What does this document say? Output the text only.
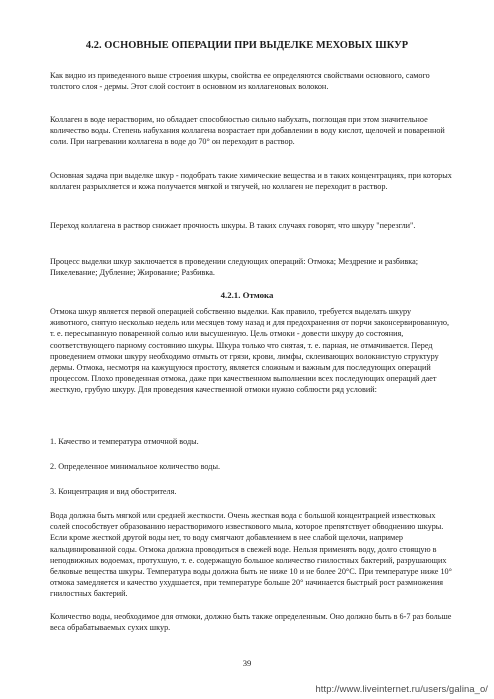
4.2. ОСНОВНЫЕ ОПЕРАЦИИ ПРИ ВЫДЕЛКЕ МЕХОВЫХ ШКУР

Как видно из приведенного выше строения шкуры, свойства ее определяются свойствами основного, самого толстого слоя - дермы. Этот слой состоит в основном из коллагеновых волокон.

Коллаген в воде нерастворим, но обладает способностью сильно набухать, поглощая при этом значительное количество воды. Степень набухания коллагена возрастает при добавлении в воду кислот, щелочей и поваренной соли. При нагревании коллагена в воде до 70° он переходит в раствор.

Основная задача при выделке шкур - подобрать такие химические вещества и в таких концентрациях, при которых коллаген разрыхляется и кожа получается мягкой и тягучей, но коллаген не переходит в раствор.

Переход коллагена в раствор снижает прочность шкуры. В таких случаях говорят, что шкуру "перезгли".

Процесс выделки шкур заключается в проведении следующих операций: Отмока; Мездрение и разбивка; Пикелевание; Дубление; Жирование; Разбивка.

4.2.1. Отмока

Отмока шкур является первой операцией собственно выделки. Как правило, требуется выделать шкуру животного, снятую несколько недель или месяцев тому назад и для предохранения от порчи законсервированную, т. е. пересыпанную поваренной солью или высушенную. Цель отмоки - довести шкуру до состояния, соответствующего парному состоянию шкуры. Шкура только что снятая, т. е. парная, не отмачивается. Перед проведением отмоки шкуру необходимо отмыть от грязи, крови, лимфы, склеивающих волокнистую структуру дермы. Отмока, несмотря на кажущуюся простоту, является сложным и важным для последующих операций процессом. Плохо проведенная отмока, даже при качественном выполнении всех последующих операций дает жесткую, грубую шкуру. Для проведения качественной отмоки нужно соблюсти ряд условий:

1. Качество и температура отмочной воды.

2. Определенное минимальное количество воды.

3. Концентрация и вид обострителя.

Вода должна быть мягкой или средней жесткости. Очень жесткая вода с большой концентрацией известковых солей способствует образованию нерастворимого известкового мыла, которое препятствует обводнению шкуры. Если кроме жесткой другой воды нет, то воду смягчают добавлением в нее слабой щелочи, например кальцинированной соды. Отмока должна проводиться в свежей воде. Нельзя применять воду, долго стоящую в неподвижных водоемах, протухшую, т. е. содержащую большое количество гнилостных бактерий, разрушающих белковые вещества шкуры. Температура воды должна быть не ниже 10 и не более 20°С. При температуре ниже 10° отмока замедляется и качество ухудшается, при температуре больше 20° начинается быстрый рост размножения гнилостных бактерий.

Количество воды, необходимое для отмоки, должно быть также определенным. Оно должно быть в 6-7 раз больше веса обрабатываемых сухих шкур.

39
http://www.liveinternet.ru/users/galina_o/
